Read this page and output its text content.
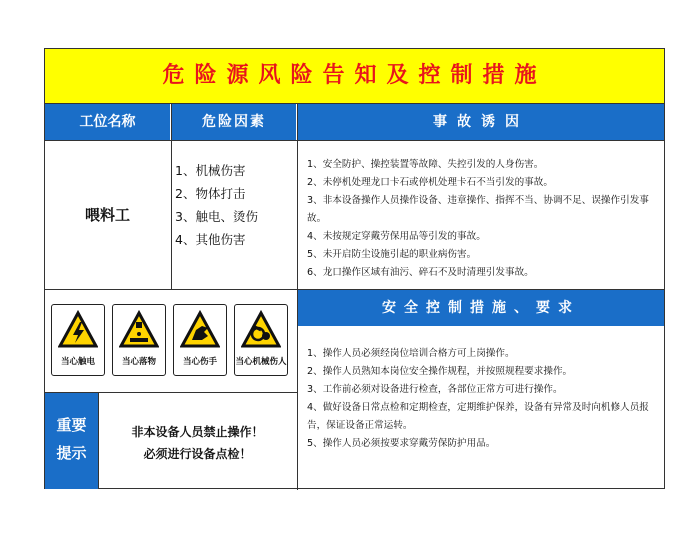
危险源风险告知及控制措施
工位名称	危险因素	事故诱因
喂料工
1、机械伤害
2、物体打击
3、触电、烫伤
4、其他伤害
1、安全防护、操控装置等故障、失控引发的人身伤害。
2、未停机处理龙口卡石或停机处理卡石不当引发的事故。
3、非本设备操作人员操作设备、违章操作、指挥不当、协调不足、误操作引发事故。
4、未按规定穿戴劳保用品等引发的事故。
5、未开启防尘设施引起的职业病伤害。
6、龙口操作区域有油污、碎石不及时清理引发事故。
当心触电	当心落物	当心伤手	当心机械伤人
重要
提示
非本设备人员禁止操作！
必须进行设备点检！
安全控制措施、要求
1、操作人员必须经岗位培训合格方可上岗操作。
2、操作人员熟知本岗位安全操作规程，并按照规程要求操作。
3、工作前必须对设备进行检查，各部位正常方可进行操作。
4、做好设备日常点检和定期检查，定期维护保养，设备有异常及时向机修人员报告，保证设备正常运转。
5、操作人员必须按要求穿戴劳保防护用品。
